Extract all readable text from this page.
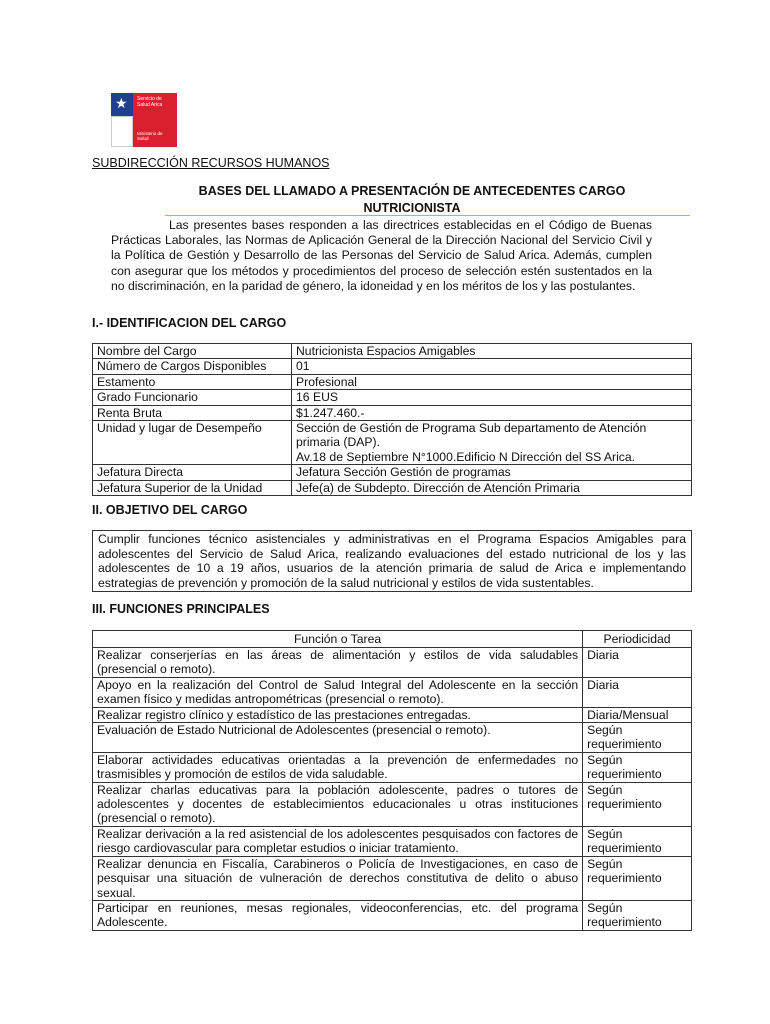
★ Servicio de Salud Arica
Ministerio de Salud
SUBDIRECCIÓN RECURSOS HUMANOS
BASES DEL LLAMADO A PRESENTACIÓN DE ANTECEDENTES CARGO
NUTRICIONISTA
Las presentes bases responden a las directrices establecidas en el Código de Buenas Prácticas Laborales, las Normas de Aplicación General de la Dirección Nacional del Servicio Civil y la Política de Gestión y Desarrollo de las Personas del Servicio de Salud Arica. Además, cumplen con asegurar que los métodos y procedimientos del proceso de selección estén sustentados en la no discriminación, en la paridad de género, la idoneidad y en los méritos de los y las postulantes.
I.- IDENTIFICACION DEL CARGO
Nombre del Cargo	Nutricionista Espacios Amigables
Número de Cargos Disponibles	01
Estamento	Profesional
Grado Funcionario	16 EUS
Renta Bruta	$1.247.460.-
Unidad y lugar de Desempeño	Sección de Gestión de Programa Sub departamento de Atención primaria (DAP).
Av.18 de Septiembre N°1000.Edificio N Dirección del SS Arica.

Jefatura Directa	Jefatura Sección Gestión de programas
Jefatura Superior de la Unidad	Jefe(a) de Subdepto. Dirección de Atención Primaria
II. OBJETIVO DEL CARGO
Cumplir funciones técnico asistenciales y administrativas en el Programa Espacios Amigables para adolescentes del Servicio de Salud Arica, realizando evaluaciones del estado nutricional de los y las adolescentes de 10 a 19 años, usuarios de la atención primaria de salud de Arica e implementando estrategias de prevención y promoción de la salud nutricional y estilos de vida sustentables.
III. FUNCIONES PRINCIPALES
Función o Tarea	Periodicidad
Realizar conserjerías en las áreas de alimentación y estilos de vida saludables (presencial o remoto).	Diaria
Apoyo en la realización del Control de Salud Integral del Adolescente en la sección examen físico y medidas antropométricas (presencial o remoto).	Diaria
Realizar registro clínico y estadístico de las prestaciones entregadas.	Diaria/Mensual
Evaluación de Estado Nutricional de Adolescentes (presencial o remoto).	Según requerimiento
Elaborar actividades educativas orientadas a la prevención de enfermedades no trasmisibles y promoción de estilos de vida saludable.	Según requerimiento
Realizar charlas educativas para la población adolescente, padres o tutores de adolescentes y docentes de establecimientos educacionales u otras instituciones (presencial o remoto).	Según requerimiento
Realizar derivación a la red asistencial de los adolescentes pesquisados con factores de riesgo cardiovascular para completar estudios o iniciar tratamiento.	Según requerimiento
Realizar denuncia en Fiscalía, Carabineros o Policía de Investigaciones, en caso de pesquisar una situación de vulneración de derechos constitutiva de delito o abuso sexual.	Según requerimiento
Participar en reuniones, mesas regionales, videoconferencias, etc. del programa Adolescente.	Según requerimiento
